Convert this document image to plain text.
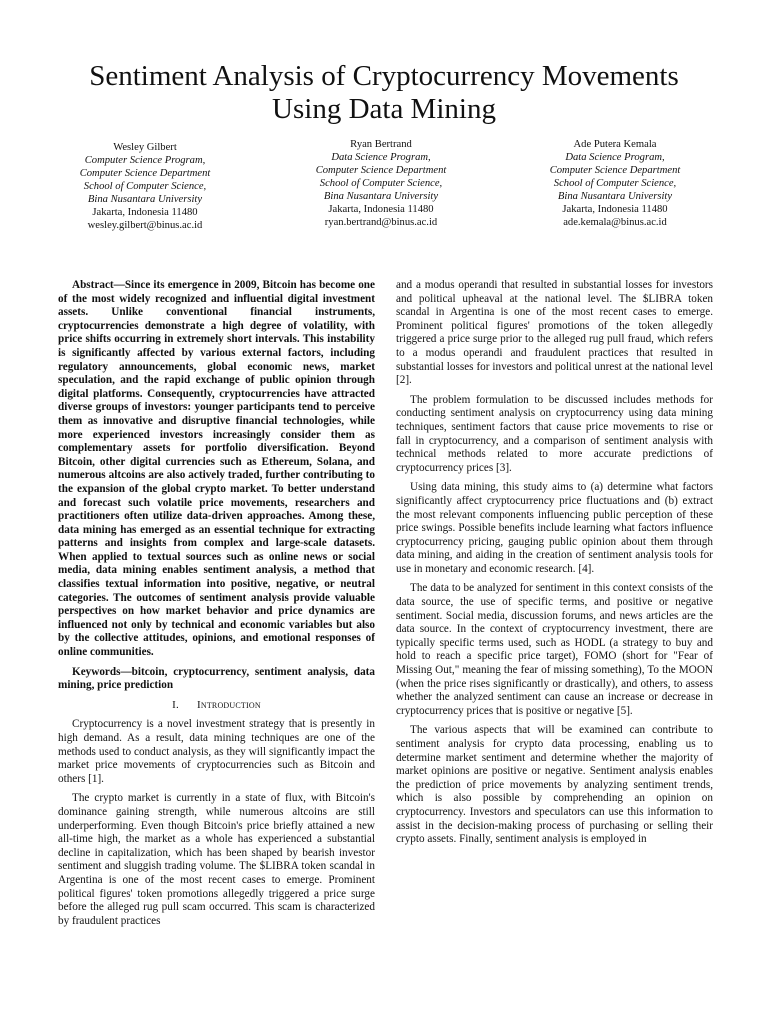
Sentiment Analysis of Cryptocurrency Movements
Using Data Mining
Wesley Gilbert
Computer Science Program,
Computer Science Department
School of Computer Science,
Bina Nusantara University
Jakarta, Indonesia 11480
wesley.gilbert@binus.ac.id
Ryan Bertrand
Data Science Program,
Computer Science Department
School of Computer Science,
Bina Nusantara University
Jakarta, Indonesia 11480
ryan.bertrand@binus.ac.id
Ade Putera Kemala
Data Science Program,
Computer Science Department
School of Computer Science,
Bina Nusantara University
Jakarta, Indonesia 11480
ade.kemala@binus.ac.id

Abstract—Since its emergence in 2009, Bitcoin has become one of the most widely recognized and influential digital investment assets. Unlike conventional financial instruments, cryptocurrencies demonstrate a high degree of volatility, with price shifts occurring in extremely short intervals. This instability is significantly affected by various external factors, including regulatory announcements, global economic news, market speculation, and the rapid exchange of public opinion through digital platforms. Consequently, cryptocurrencies have attracted diverse groups of investors: younger participants tend to perceive them as innovative and disruptive financial technologies, while more experienced investors increasingly consider them as complementary assets for portfolio diversification. Beyond Bitcoin, other digital currencies such as Ethereum, Solana, and numerous altcoins are also actively traded, further contributing to the expansion of the global crypto market. To better understand and forecast such volatile price movements, researchers and practitioners often utilize data-driven approaches. Among these, data mining has emerged as an essential technique for extracting patterns and insights from complex and large-scale datasets. When applied to textual sources such as online news or social media, data mining enables sentiment analysis, a method that classifies textual information into positive, negative, or neutral categories. The outcomes of sentiment analysis provide valuable perspectives on how market behavior and price dynamics are influenced not only by technical and economic variables but also by the collective attitudes, opinions, and emotional responses of online communities.

Keywords—bitcoin, cryptocurrency, sentiment analysis, data mining, price prediction

I. Introduction

Cryptocurrency is a novel investment strategy that is presently in high demand. As a result, data mining techniques are one of the methods used to conduct analysis, as they will significantly impact the market price movements of cryptocurrencies such as Bitcoin and others [1].

The crypto market is currently in a state of flux, with Bitcoin's dominance gaining strength, while numerous altcoins are still underperforming. Even though Bitcoin's price briefly attained a new all-time high, the market as a whole has experienced a substantial decline in capitalization, which has been shaped by bearish investor sentiment and sluggish trading volume. The $LIBRA token scandal in Argentina is one of the most recent cases to emerge. Prominent political figures' token promotions allegedly triggered a price surge before the alleged rug pull scam occurred. This scam is characterized by fraudulent practices

and a modus operandi that resulted in substantial losses for investors and political upheaval at the national level. The $LIBRA token scandal in Argentina is one of the most recent cases to emerge. Prominent political figures' promotions of the token allegedly triggered a price surge prior to the alleged rug pull fraud, which refers to a modus operandi and fraudulent practices that resulted in substantial losses for investors and political unrest at the national level [2].

The problem formulation to be discussed includes methods for conducting sentiment analysis on cryptocurrency using data mining techniques, sentiment factors that cause price movements to rise or fall in cryptocurrency, and a comparison of sentiment analysis with technical methods related to more accurate predictions of cryptocurrency prices [3].

Using data mining, this study aims to (a) determine what factors significantly affect cryptocurrency price fluctuations and (b) extract the most relevant components influencing public perception of these price swings. Possible benefits include learning what factors influence cryptocurrency pricing, gauging public opinion about them through data mining, and aiding in the creation of sentiment analysis tools for use in monetary and economic research. [4].

The data to be analyzed for sentiment in this context consists of the data source, the use of specific terms, and positive or negative sentiment. Social media, discussion forums, and news articles are the data source. In the context of cryptocurrency investment, there are typically specific terms used, such as HODL (a strategy to buy and hold to reach a specific price target), FOMO (short for "Fear of Missing Out," meaning the fear of missing something), To the MOON (when the price rises significantly or drastically), and others, to assess whether the analyzed sentiment can cause an increase or decrease in cryptocurrency prices that is positive or negative [5].

The various aspects that will be examined can contribute to sentiment analysis for crypto data processing, enabling us to determine market sentiment and determine whether the majority of market opinions are positive or negative. Sentiment analysis enables the prediction of price movements by analyzing sentiment trends, which is also possible by comprehending an opinion on cryptocurrency. Investors and speculators can use this information to assist in the decision-making process of purchasing or selling their crypto assets. Finally, sentiment analysis is employed in
